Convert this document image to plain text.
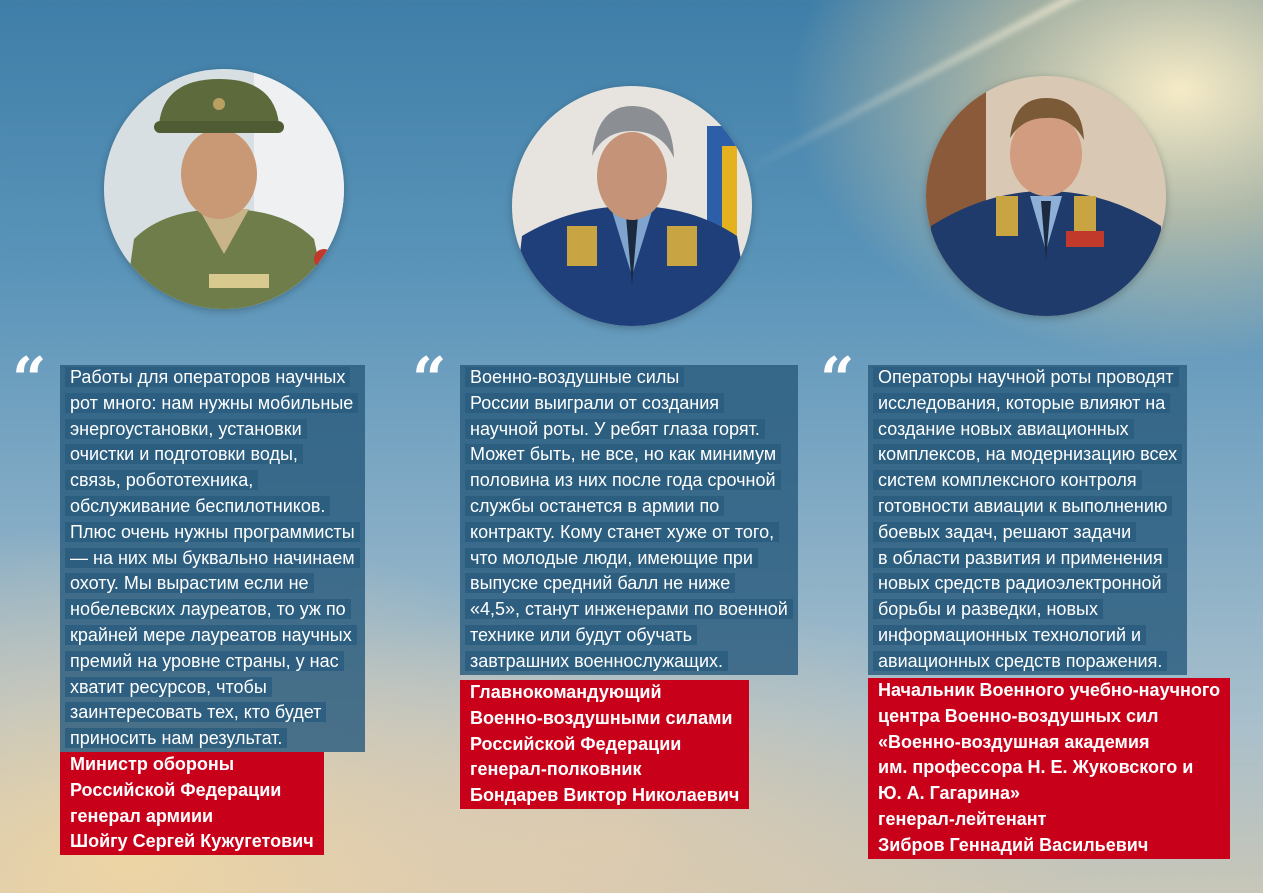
“	“	“
Работы для операторов научных
рот много: нам нужны мобильные
энергоустановки, установки
очистки и подготовки воды,
связь, робототехника,
обслуживание беспилотников.
Плюс очень нужны программисты
— на них мы буквально начинаем
охоту. Мы вырастим если не
нобелевских лауреатов, то уж по
крайней мере лауреатов научных
премий на уровне страны, у нас
хватит ресурсов, чтобы
заинтересовать тех, кто будет
приносить нам результат.
Министр обороны
Российской Федерации
генерал армиии
Шойгу Сергей Кужугетович
Военно-воздушные силы
России выиграли от создания
научной роты. У ребят глаза горят.
Может быть, не все, но как минимум
половина из них после года срочной
службы останется в армии по
контракту. Кому станет хуже от того,
что молодые люди, имеющие при
выпуске средний балл не ниже
«4,5», станут инженерами по военной
технике или будут обучать
завтрашних военнослужащих.
Главнокомандующий
Военно-воздушными силами
Российской Федерации
генерал-полковник
Бондарев Виктор Николаевич
Операторы научной роты проводят
исследования, которые влияют на
создание новых авиационных
комплексов, на модернизацию всех
систем комплексного контроля
готовности авиации к выполнению
боевых задач, решают задачи
в области развития и применения
новых средств радиоэлектронной
борьбы и разведки, новых
информационных технологий и
авиационных средств поражения.
Начальник Военного учебно-научного
центра Военно-воздушных сил
«Военно-воздушная академия
им. профессора Н. Е. Жуковского и
Ю. А. Гагарина»
генерал-лейтенант
Зибров Геннадий Васильевич
